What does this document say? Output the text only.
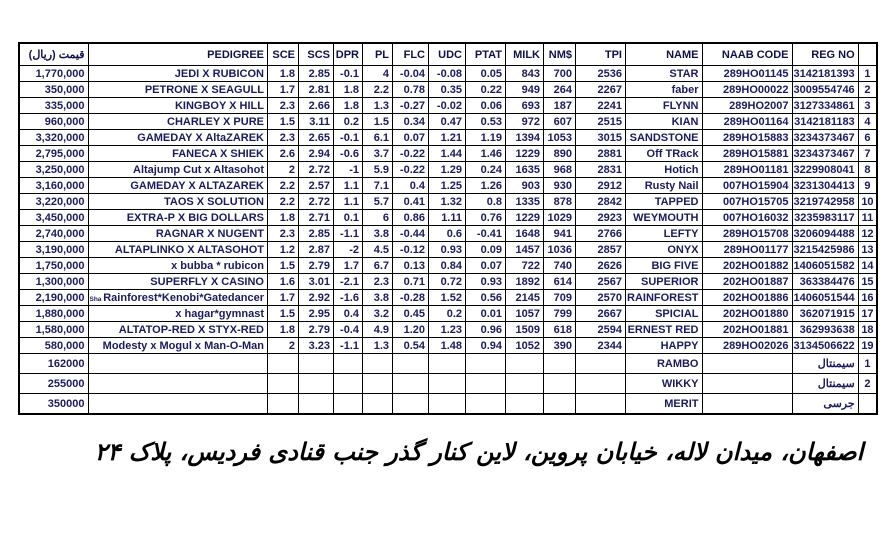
قیمت (ریال)	PEDIGREE	SCE	SCS	DPR	PL	FLC	UDC	PTAT	MILK	NM$	TPI	NAME	NAAB CODE	REG NO	
1,770,000	JEDI X RUBICON	1.8	2.85	-0.1	4	-0.04	-0.08	0.05	843	700	2536	STAR	289HO01145	3142181393	1
350,000	PETRONE X SEAGULL	1.7	2.81	1.8	2.2	0.78	0.35	0.22	949	264	2267	faber	289HO00022	3009554746	2
335,000	KINGBOY X HILL	2.3	2.66	1.8	1.3	-0.27	-0.02	0.06	693	187	2241	FLYNN	289HO2007	3127334861	3
960,000	CHARLEY X PURE	1.5	3.11	0.2	1.5	0.34	0.47	0.53	972	607	2515	KIAN	289HO01164	3142181183	4
3,320,000	GAMEDAY X AltaZAREK	2.3	2.65	-0.1	6.1	0.07	1.21	1.19	1394	1053	3015	SANDSTONE	289HO15883	3234373467	6
2,795,000	FANECA X SHIEK	2.6	2.94	-0.6	3.7	-0.22	1.44	1.46	1229	890	2881	Off TRack	289HO15881	3234373467	7
3,250,000	Altajump Cut x Altasohot	2	2.72	-1	5.9	-0.22	1.29	0.24	1635	968	2831	Hotich	289HO01181	3229908041	8
3,160,000	GAMEDAY X ALTAZAREK	2.2	2.57	1.1	7.1	0.4	1.25	1.26	903	930	2912	Rusty Nail	007HO15904	3231304413	9
3,220,000	TAOS X SOLUTION	2.2	2.72	1.1	5.7	0.41	1.32	0.8	1335	878	2842	TAPPED	007HO15705	3219742958	10
3,450,000	EXTRA-P X BIG DOLLARS	1.8	2.71	0.1	6	0.86	1.11	0.76	1229	1029	2923	WEYMOUTH	007HO16032	3235983117	11
2,740,000	RAGNAR X NUGENT	2.3	2.85	-1.1	3.8	-0.44	0.6	-0.41	1648	941	2766	LEFTY	289HO15708	3206094488	12
3,190,000	ALTAPLINKO X ALTASOHOT	1.2	2.87	-2	4.5	-0.12	0.93	0.09	1457	1036	2857	ONYX	289HO01177	3215425986	13
1,750,000	x bubba * rubicon	1.5	2.79	1.7	6.7	0.13	0.84	0.07	722	740	2626	BIG FIVE	202HO01882	1406051582	14
1,300,000	SUPERFLY X CASINO	1.6	3.01	-2.1	2.3	0.71	0.72	0.93	1892	614	2567	SUPERIOR	202HO01887	363384476	15
2,190,000	Sha Rainforest*Kenobi*Gatedancer	1.7	2.92	-1.6	3.8	-0.28	1.52	0.56	2145	709	2570	RAINFOREST	202HO01886	1406051544	16
1,880,000	x hagar*gymnast	1.5	2.95	0.4	3.2	0.45	0.2	0.01	1057	799	2667	SPICIAL	202HO01880	362071915	17
1,580,000	ALTATOP-RED X STYX-RED	1.8	2.79	-0.4	4.9	1.20	1.23	0.96	1509	618	2594	ERNEST RED	202HO01881	362993638	18
580,000	Modesty x Mogul x Man-O-Man	2	3.23	-1.1	1.3	0.54	1.48	0.94	1052	390	2344	HAPPY	289HO02026	3134506622	19
162000												RAMBO		سیمنتال	1
255000												WIKKY		سیمنتال	2
350000												MERIT		جرسی	
اصفهان، میدان لاله، خیابان پروین، لاین کنار گذر جنب قنادی فردیس، پلاک ۲۴
